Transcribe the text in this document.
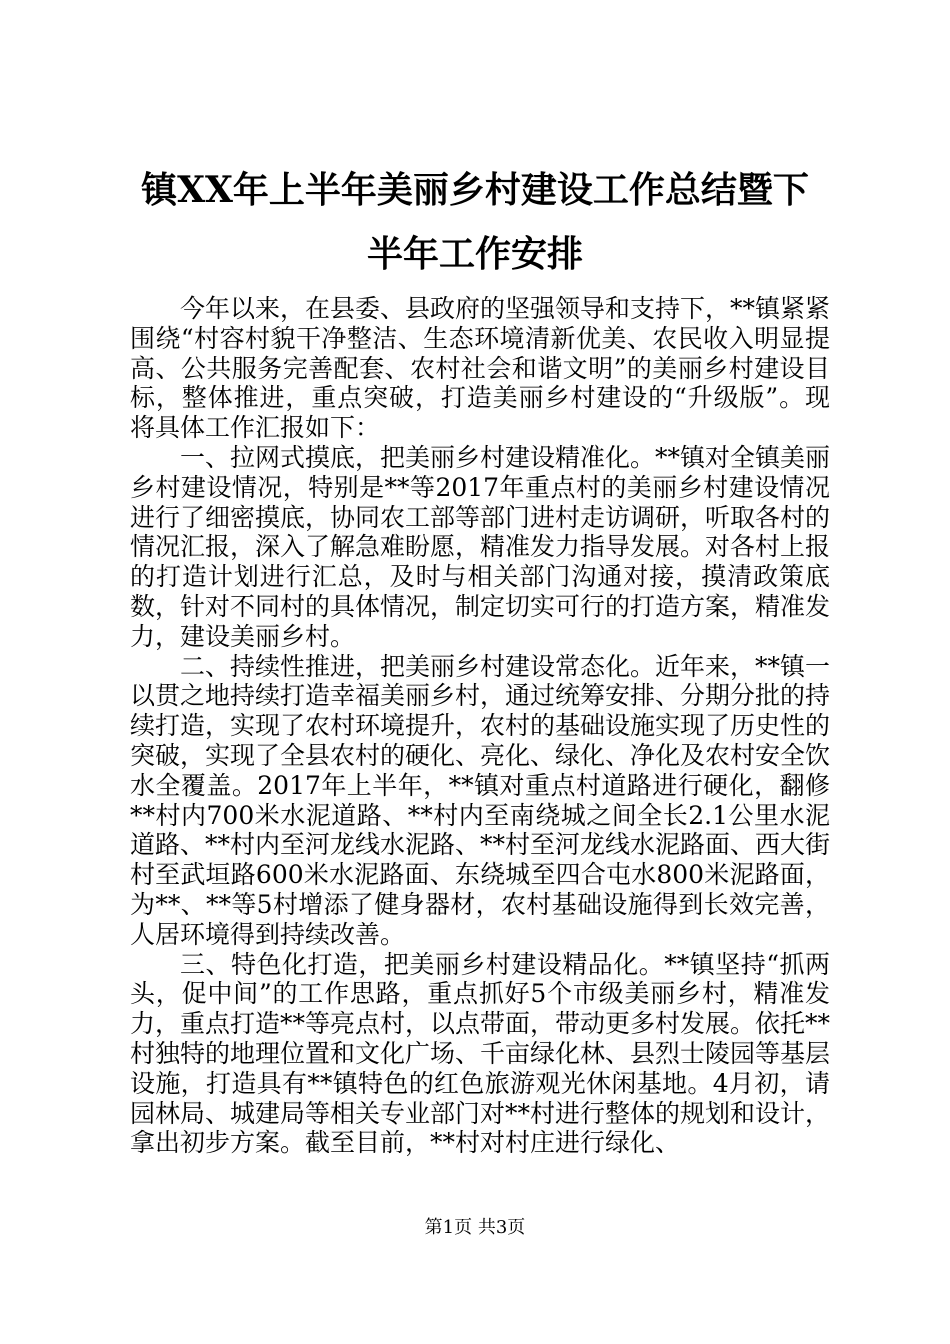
镇XX年上半年美丽乡村建设工作总结暨下半年工作安排

今年以来，在县委、县政府的坚强领导和支持下，**镇紧紧围绕“村容村貌干净整洁、生态环境清新优美、农民收入明显提高、公共服务完善配套、农村社会和谐文明”的美丽乡村建设目标，整体推进，重点突破，打造美丽乡村建设的“升级版”。现将具体工作汇报如下：

一、拉网式摸底，把美丽乡村建设精准化。**镇对全镇美丽乡村建设情况，特别是**等2017年重点村的美丽乡村建设情况进行了细密摸底，协同农工部等部门进村走访调研，听取各村的情况汇报，深入了解急难盼愿，精准发力指导发展。对各村上报的打造计划进行汇总，及时与相关部门沟通对接，摸清政策底数，针对不同村的具体情况，制定切实可行的打造方案，精准发力，建设美丽乡村。

二、持续性推进，把美丽乡村建设常态化。近年来，**镇一以贯之地持续打造幸福美丽乡村，通过统筹安排、分期分批的持续打造，实现了农村环境提升，农村的基础设施实现了历史性的突破，实现了全县农村的硬化、亮化、绿化、净化及农村安全饮水全覆盖。2017年上半年，**镇对重点村道路进行硬化，翻修**村内700米水泥道路、**村内至南绕城之间全长2.1公里水泥道路、**村内至河龙线水泥路、**村至河龙线水泥路面、西大街村至武垣路600米水泥路面、东绕城至四合屯水800米泥路面，为**、**等5村增添了健身器材，农村基础设施得到长效完善，人居环境得到持续改善。

三、特色化打造，把美丽乡村建设精品化。**镇坚持“抓两头，促中间”的工作思路，重点抓好5个市级美丽乡村，精准发力，重点打造**等亮点村，以点带面，带动更多村发展。依托**村独特的地理位置和文化广场、千亩绿化林、县烈士陵园等基层设施，打造具有**镇特色的红色旅游观光休闲基地。4月初，请园林局、城建局等相关专业部门对**村进行整体的规划和设计，拿出初步方案。截至目前，**村对村庄进行绿化、

第1页 共3页
